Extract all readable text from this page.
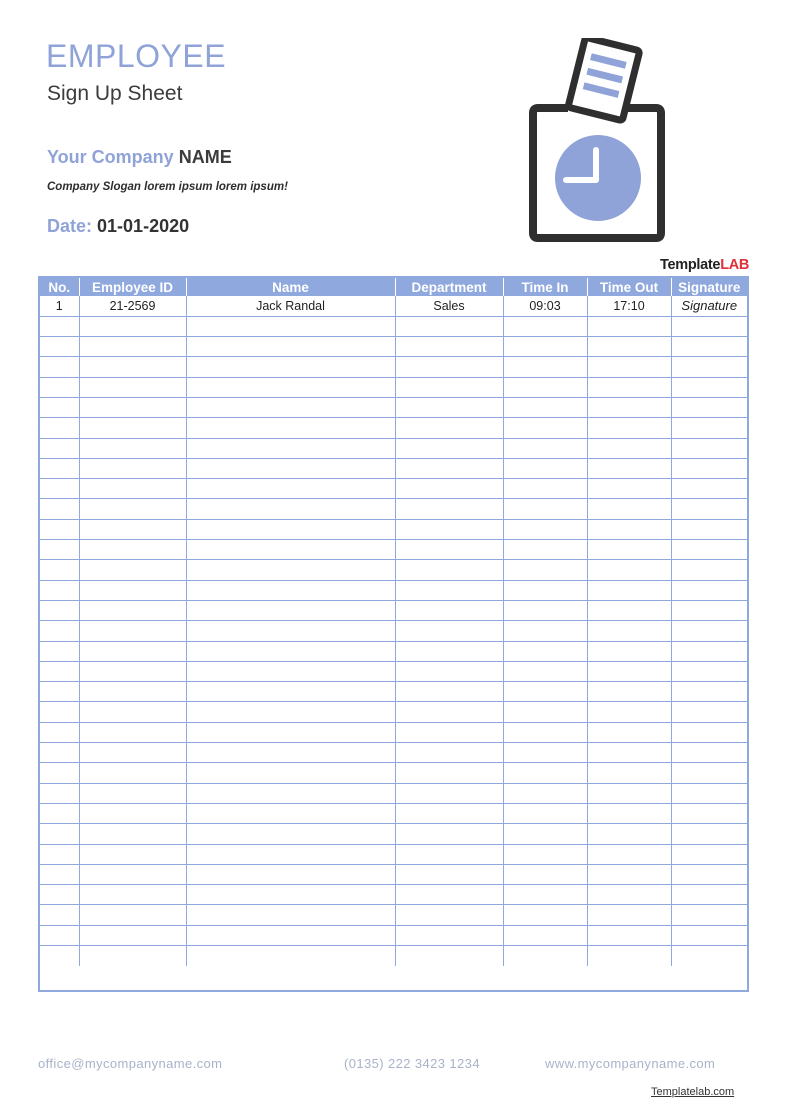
EMPLOYEE
Sign Up Sheet
Your Company NAME
Company Slogan lorem ipsum lorem ipsum!
Date: 01-01-2020
TemplateLAB
No.	Employee ID	Name	Department	Time In	Time Out	Signature
1	21-2569	Jack Randal	Sales	09:03	17:10	Signature

office@mycompanyname.com	(0135) 222 3423 1234	www.mycompanyname.com
Templatelab.com
